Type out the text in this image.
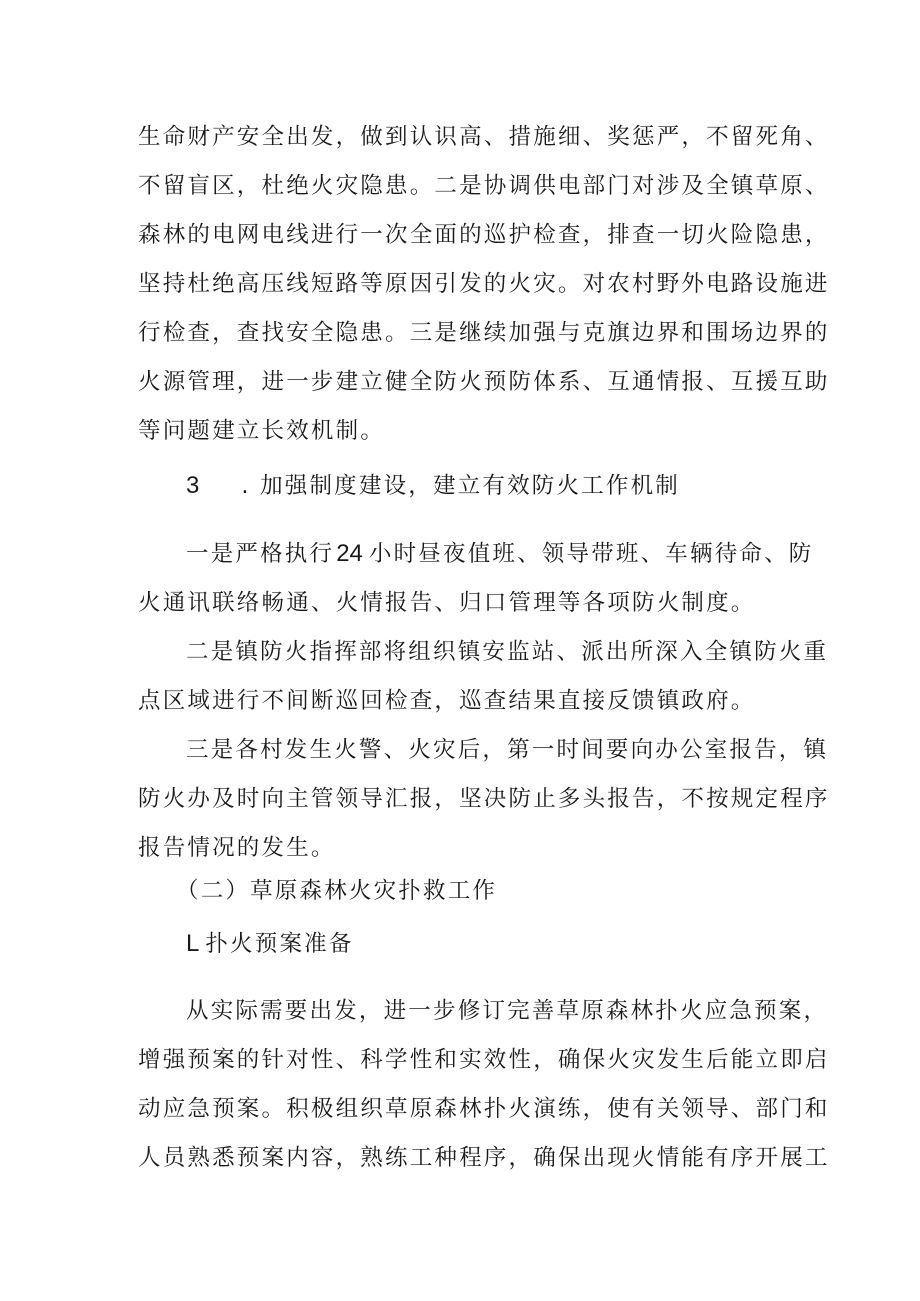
生命财产安全出发，做到认识高、措施细、奖惩严，不留死角、
不留盲区，杜绝火灾隐患。二是协调供电部门对涉及全镇草原、
森林的电网电线进行一次全面的巡护检查，排查一切火险隐患，
坚持杜绝高压线短路等原因引发的火灾。对农村野外电路设施进
行检查，查找安全隐患。三是继续加强与克旗边界和围场边界的
火源管理，进一步建立健全防火预防体系、互通情报、互援互助
等问题建立长效机制。
3 . 加强制度建设，建立有效防火工作机制
一是严格执行24 小时昼夜值班、领导带班、车辆待命、防
火通讯联络畅通、火情报告、归口管理等各项防火制度。
二是镇防火指挥部将组织镇安监站、派出所深入全镇防火重
点区域进行不间断巡回检查，巡查结果直接反馈镇政府。
三是各村发生火警、火灾后，第一时间要向办公室报告，镇
防火办及时向主管领导汇报，坚决防止多头报告，不按规定程序
报告情况的发生。
（二）草原森林火灾扑救工作
L 扑火预案准备
从实际需要出发，进一步修订完善草原森林扑火应急预案，
增强预案的针对性、科学性和实效性，确保火灾发生后能立即启
动应急预案。积极组织草原森林扑火演练，使有关领导、部门和
人员熟悉预案内容，熟练工种程序，确保出现火情能有序开展工
